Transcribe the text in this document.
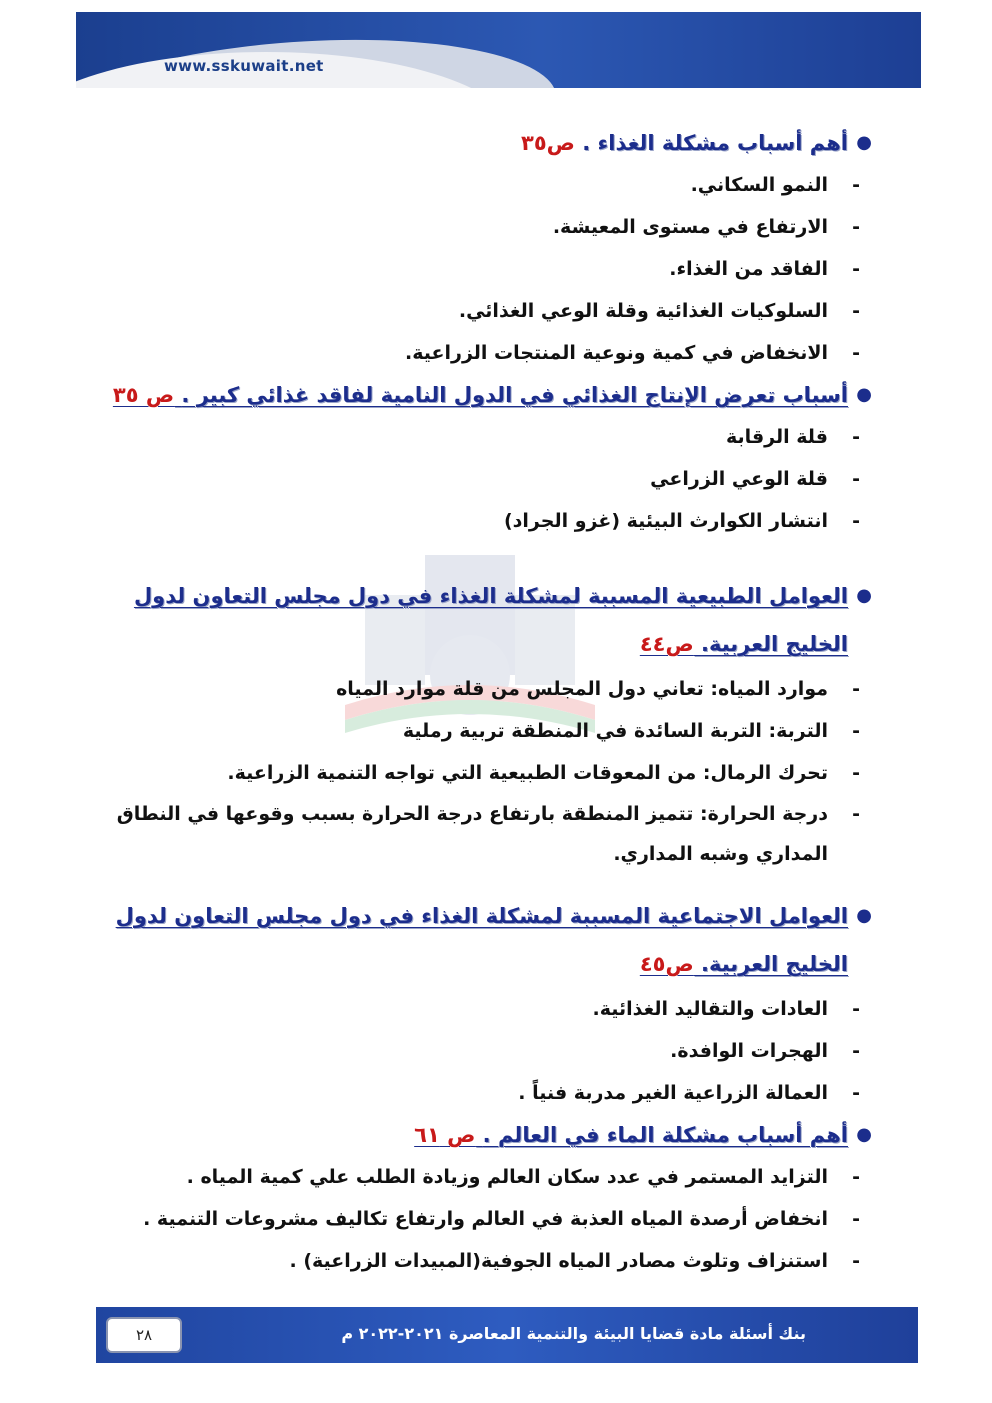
www.sskuwait.net
●
أهم أسباب مشكلة الغذاء . ص٣٥
- النمو السكاني.
- الارتفاع في مستوى المعيشة.
- الفاقد من الغذاء.
- السلوكيات الغذائية وقلة الوعي الغذائي.
- الانخفاض في كمية ونوعية المنتجات الزراعية.
●
أسباب تعرض الإنتاج الغذائي في الدول النامية لفاقد غذائي كبير . ص ٣٥
- قلة الرقابة
- قلة الوعي الزراعي
- انتشار الكوارث البيئية (غزو الجراد)
●
العوامل الطبيعية المسببة لمشكلة الغذاء في دول مجلس التعاون لدول الخليج العربية. ص٤٤
- موارد المياه: تعاني دول المجلس من قلة موارد المياه
- التربة: التربة السائدة في المنطقة تربية رملية
- تحرك الرمال: من المعوقات الطبيعية التي تواجه التنمية الزراعية.
- درجة الحرارة: تتميز المنطقة بارتفاع درجة الحرارة بسبب وقوعها في النطاق المداري وشبه المداري.
●
العوامل الاجتماعية المسببة لمشكلة الغذاء في دول مجلس التعاون لدول الخليج العربية. ص٤٥
- العادات والتقاليد الغذائية.
- الهجرات الوافدة.
- العمالة الزراعية الغير مدربة فنياً .
●
أهم أسباب مشكلة الماء في العالم . ص ٦١
- التزايد المستمر في عدد سكان العالم وزيادة الطلب علي كمية المياه .
- انخفاض أرصدة المياه العذبة في العالم وارتفاع تكاليف مشروعات التنمية .
- استنزاف وتلوث مصادر المياه الجوفية(المبيدات الزراعية) .
٢٨	بنك أسئلة مادة قضايا البيئة والتنمية المعاصرة ٢٠٢١-٢٠٢٢ م
